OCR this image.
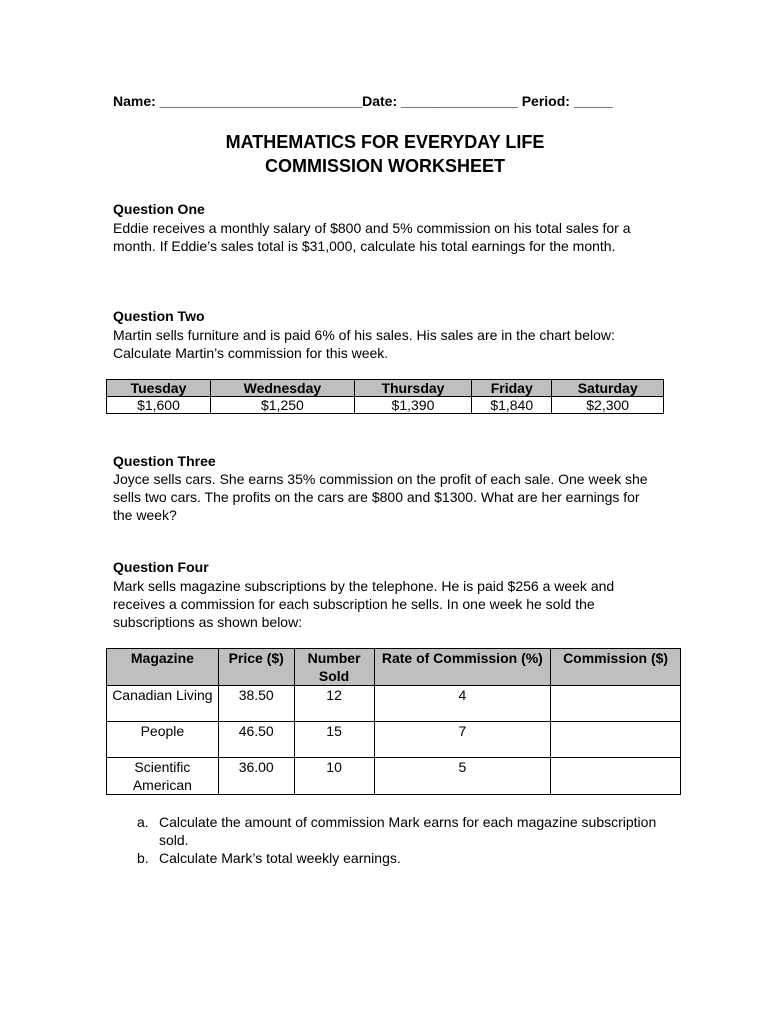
Name: __________________________Date: _______________ Period: _____
MATHEMATICS FOR EVERYDAY LIFE
COMMISSION WORKSHEET
Question One
Eddie receives a monthly salary of $800 and 5% commission on his total sales for a month. If Eddie’s sales total is $31,000, calculate his total earnings for the month.
Question Two
Martin sells furniture and is paid 6% of his sales. His sales are in the chart below: Calculate Martin’s commission for this week.
Tuesday	Wednesday	Thursday	Friday	Saturday
$1,600	$1,250	$1,390	$1,840	$2,300
Question Three
Joyce sells cars. She earns 35% commission on the profit of each sale. One week she sells two cars. The profits on the cars are $800 and $1300. What are her earnings for the week?
Question Four
Mark sells magazine subscriptions by the telephone. He is paid $256 a week and receives a commission for each subscription he sells. In one week he sold the subscriptions as shown below:
Magazine	Price ($)	Number Sold	Rate of Commission (%)	Commission ($)
Canadian Living	38.50	12	4	
People	46.50	15	7	
Scientific American	36.00	10	5	
a. Calculate the amount of commission Mark earns for each magazine subscription sold.
b. Calculate Mark’s total weekly earnings.
